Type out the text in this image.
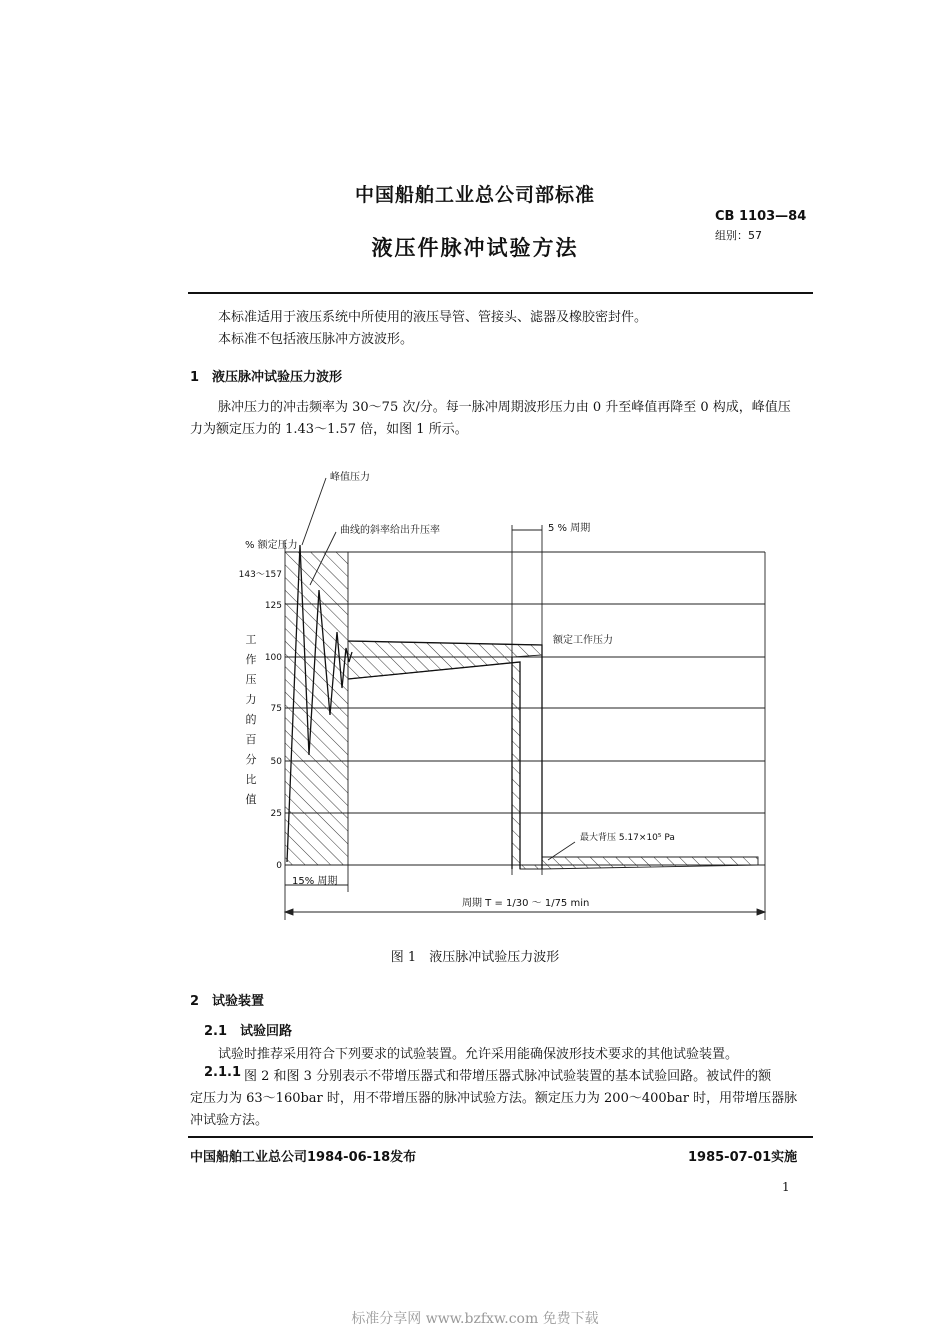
中国船舶工业总公司部标准
液压件脉冲试验方法
CB 1103—84
组别：57
本标准适用于液压系统中所使用的液压导管、管接头、滤器及橡胶密封件。
本标准不包括液压脉冲方波波形。
1　液压脉冲试验压力波形
脉冲压力的冲击频率为 30～75 次/分。每一脉冲周期波形压力由 0 升至峰值再降至 0 构成，峰值压
力为额定压力的 1.43～1.57 倍，如图 1 所示。
峰值压力
曲线的斜率给出升压率	5 % 周期
% 额定压力
工
作
压
力
的
百
分
比
值
143～157
125
100
75
50
25
0
额定工作压力
最大背压 5.17×10⁵ Pa
15% 周期
周期 T = 1/30 ～ 1/75 min
图 1　液压脉冲试验压力波形
2　试验装置
2.1　试验回路
试验时推荐采用符合下列要求的试验装置。允许采用能确保波形技术要求的其他试验装置。
2.1.1 图 2 和图 3 分别表示不带增压器式和带增压器式脉冲试验装置的基本试验回路。被试件的额
定压力为 63～160bar 时，用不带增压器的脉冲试验方法。额定压力为 200～400bar 时，用带增压器脉
冲试验方法。
中国船舶工业总公司1984-06-18发布	1985-07-01实施
1
标准分享网 www.bzfxw.com 免费下载
